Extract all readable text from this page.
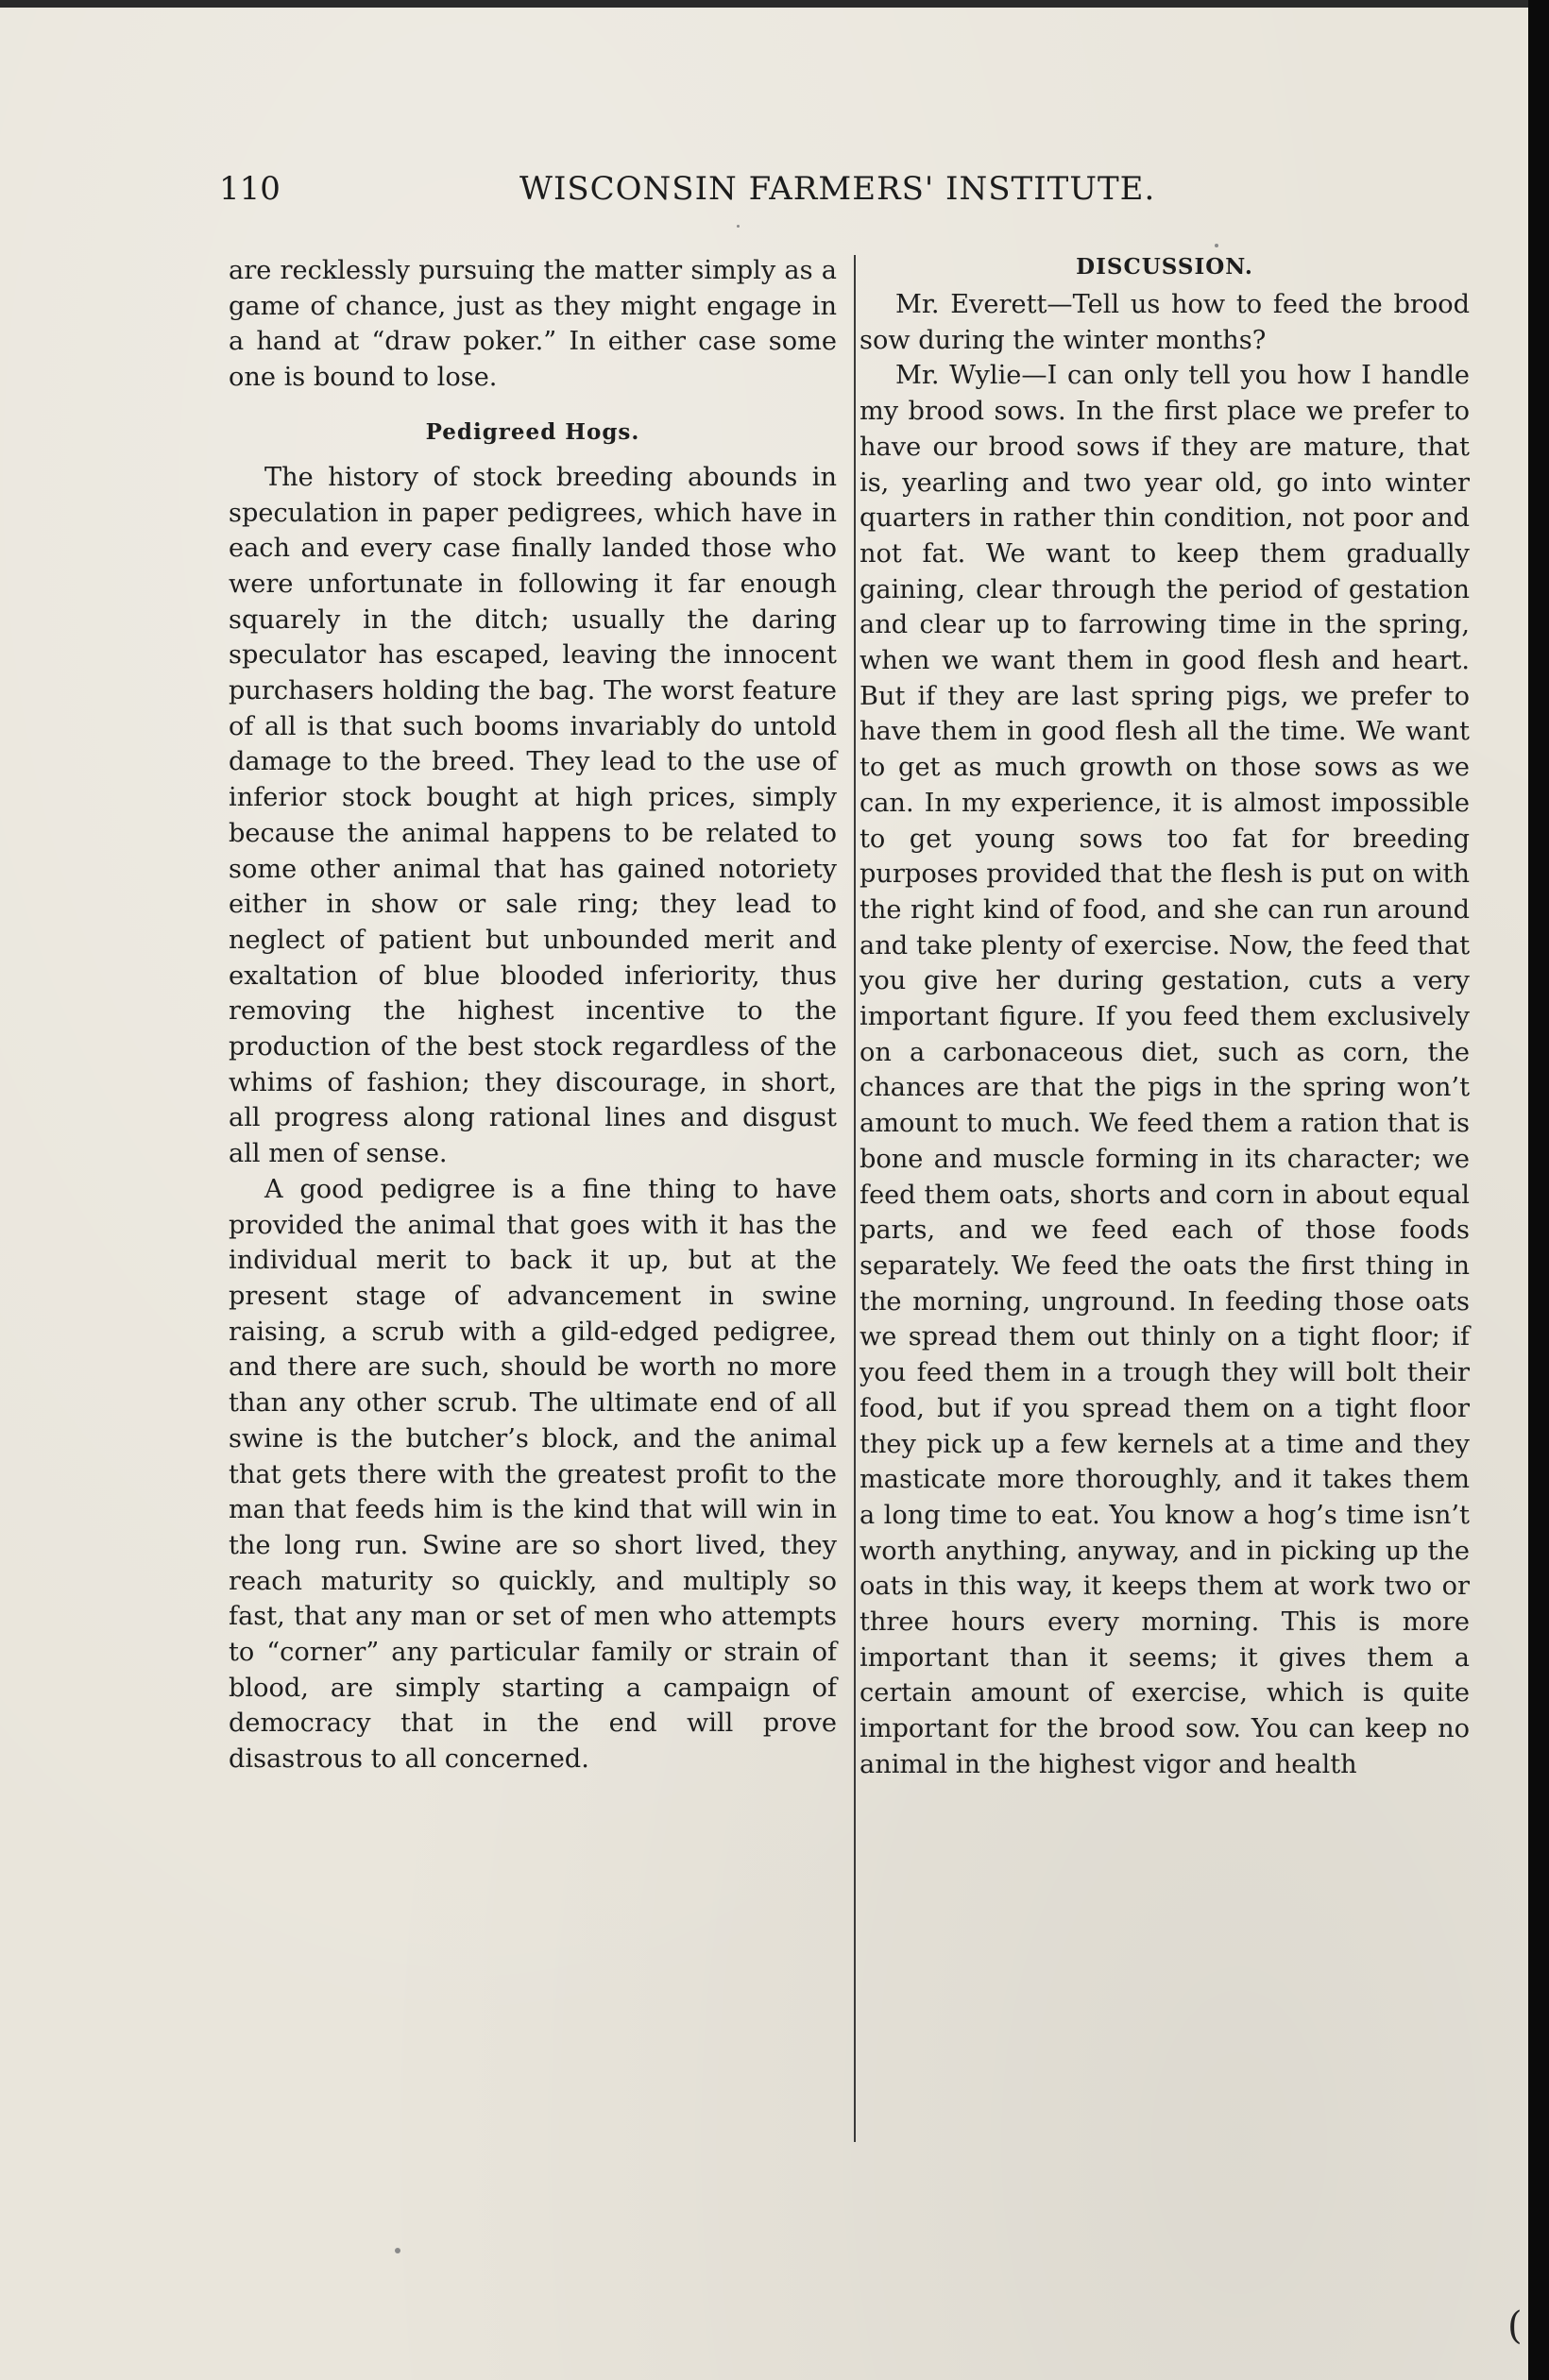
110	WISCONSIN FARMERS' INSTITUTE.

are recklessly pursuing the matter simply as a game of chance, just as they might engage in a hand at “draw poker.” In either case some one is bound to lose.

Pedigreed Hogs.

The history of stock breeding abounds in speculation in paper pedigrees, which have in each and every case finally landed those who were unfortunate in following it far enough squarely in the ditch; usually the daring speculator has escaped, leaving the innocent purchasers holding the bag. The worst feature of all is that such booms invariably do untold damage to the breed. They lead to the use of inferior stock bought at high prices, simply because the animal happens to be related to some other animal that has gained notoriety either in show or sale ring; they lead to neglect of patient but unbounded merit and exaltation of blue blooded inferiority, thus removing the highest incentive to the production of the best stock regardless of the whims of fashion; they discourage, in short, all progress along rational lines and disgust all men of sense.

A good pedigree is a fine thing to have provided the animal that goes with it has the individual merit to back it up, but at the present stage of advancement in swine raising, a scrub with a gild-edged pedigree, and there are such, should be worth no more than any other scrub. The ultimate end of all swine is the butcher’s block, and the animal that gets there with the greatest profit to the man that feeds him is the kind that will win in the long run. Swine are so short lived, they reach maturity so quickly, and multiply so fast, that any man or set of men who attempts to “corner” any particular family or strain of blood, are simply starting a campaign of democracy that in the end will prove disastrous to all concerned.

DISCUSSION.

Mr. Everett—Tell us how to feed the brood sow during the winter months?

Mr. Wylie—I can only tell you how I handle my brood sows. In the first place we prefer to have our brood sows if they are mature, that is, yearling and two year old, go into winter quarters in rather thin condition, not poor and not fat. We want to keep them gradually gaining, clear through the period of gestation and clear up to farrowing time in the spring, when we want them in good flesh and heart. But if they are last spring pigs, we prefer to have them in good flesh all the time. We want to get as much growth on those sows as we can. In my experience, it is almost impossible to get young sows too fat for breeding purposes provided that the flesh is put on with the right kind of food, and she can run around and take plenty of exercise. Now, the feed that you give her during gestation, cuts a very important figure. If you feed them exclusively on a carbonaceous diet, such as corn, the chances are that the pigs in the spring won’t amount to much. We feed them a ration that is bone and muscle forming in its character; we feed them oats, shorts and corn in about equal parts, and we feed each of those foods separately. We feed the oats the first thing in the morning, unground. In feeding those oats we spread them out thinly on a tight floor; if you feed them in a trough they will bolt their food, but if you spread them on a tight floor they pick up a few kernels at a time and they masticate more thoroughly, and it takes them a long time to eat. You know a hog’s time isn’t worth anything, anyway, and in picking up the oats in this way, it keeps them at work two or three hours every morning. This is more important than it seems; it gives them a certain amount of exercise, which is quite important for the brood sow. You can keep no animal in the highest vigor and health

(
